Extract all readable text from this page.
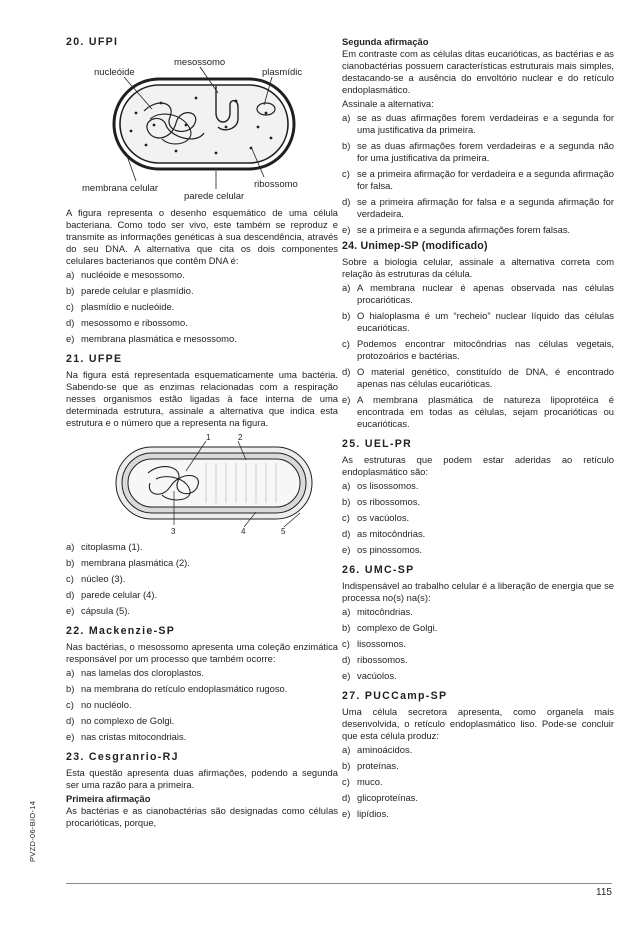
20. UFPI
nucleóide
mesossomo
plasmídic
membrana celular	ribossomo
parede celular
A figura representa o desenho esquemático de uma célula bacteriana. Como todo ser vivo, este também se reproduz e transmite as informações genéticas à sua descendência, através do seu DNA. A alternativa que cita os dois componentes celulares bacterianos que contêm DNA é:
a) nucléoide e mesossomo.
b) parede celular e plasmídio.
c) plasmídio e nucleóide.
d) mesossomo e ribossomo.
e) membrana plasmática e mesossomo.
21. UFPE
Na figura está representada esquematicamente uma bactéria. Sabendo-se que as enzimas relacionadas com a respiração nesses organismos estão ligadas à face interna de uma determinada estrutura, assinale a alternativa que indica esta estrutura e o número que a representa na figura.
1	2
3	4	5
a) citoplasma (1).
b) membrana plasmática (2).
c) núcleo (3).
d) parede celular (4).
e) cápsula (5).
22. Mackenzie-SP
Nas bactérias, o mesossomo apresenta uma coleção enzimática responsável por um processo que também ocorre:
a) nas lamelas dos cloroplastos.
b) na membrana do retículo endoplasmático rugoso.
c) no nucléolo.
d) no complexo de Golgi.
e) nas cristas mitocondriais.
23. Cesgranrio-RJ
Esta questão apresenta duas afirmações, podendo a segunda ser uma razão para a primeira.
Primeira afirmação
As bactérias e as cianobactérias são designadas como células procarióticas, porque,
Segunda afirmação
Em contraste com as células ditas eucarióticas, as bactérias e as cianobactérias possuem características estruturais mais simples, destacando-se a ausência do envoltório nuclear e do retículo endoplasmático.
Assinale a alternativa:
a) se as duas afirmações forem verdadeiras e a segunda for uma justificativa da primeira.
b) se as duas afirmações forem verdadeiras e a segunda não for uma justificativa da primeira.
c) se a primeira afirmação for verdadeira e a segunda afirmação for falsa.
d) se a primeira afirmação for falsa e a segunda afirmação for verdadeira.
e) se a primeira e a segunda afirmações forem falsas.
24. Unimep-SP (modificado)
Sobre a biologia celular, assinale a alternativa correta com relação às estruturas da célula.
a) A membrana nuclear é apenas observada nas células procarióticas.
b) O hialoplasma é um “recheio” nuclear líquido das células eucarióticas.
c) Podemos encontrar mitocôndrias nas células vegetais, protozoários e bactérias.
d) O material genético, constituído de DNA, é encontrado apenas nas células eucarióticas.
e) A membrana plasmática de natureza lipoprotéica é encontrada em todas as células, sejam procarióticas ou eucarióticas.
25. UEL-PR
As estruturas que podem estar aderidas ao retículo endoplasmático são:
a) os lisossomos.
b) os ribossomos.
c) os vacúolos.
d) as mitocôndrias.
e) os pinossomos.
26. UMC-SP
Indispensável ao trabalho celular é a liberação de energia que se processa no(s) na(s):
a) mitocôndrias.
b) complexo de Golgi.
c) lisossomos.
d) ribossomos.
e) vacúolos.
27. PUCCamp-SP
Uma célula secretora apresenta, como organela mais desenvolvida, o retículo endoplasmático liso. Pode-se concluir que esta célula produz:
a) aminoácidos.
b) proteínas.
c) muco.
d) glicoproteínas.
e) lipídios.
115
PVZD-06-BIO-14
